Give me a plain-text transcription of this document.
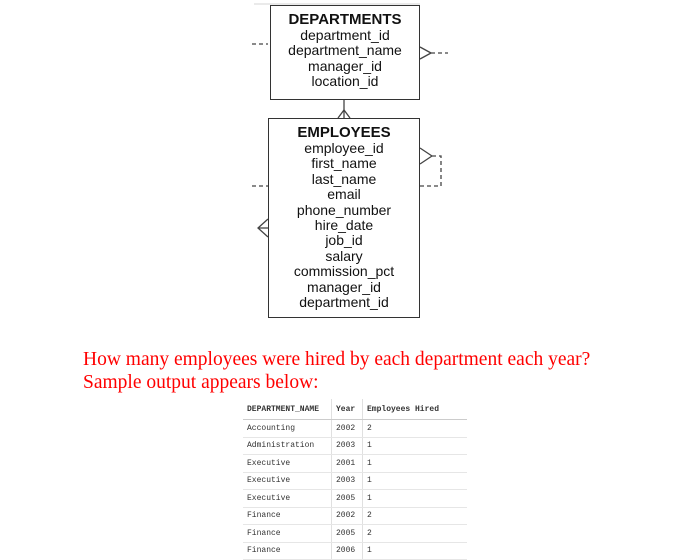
DEPARTMENTS
department_id
department_name
manager_id
location_id
EMPLOYEES
employee_id
first_name
last_name
email
phone_number
hire_date
job_id
salary
commission_pct
manager_id
department_id

How many employees were hired by each department each year? Sample output appears below:

DEPARTMENT_NAME	Year	Employees Hired
Accounting	2002	2
Administration	2003	1
Executive	2001	1
Executive	2003	1
Executive	2005	1
Finance	2002	2
Finance	2005	2
Finance	2006	1
